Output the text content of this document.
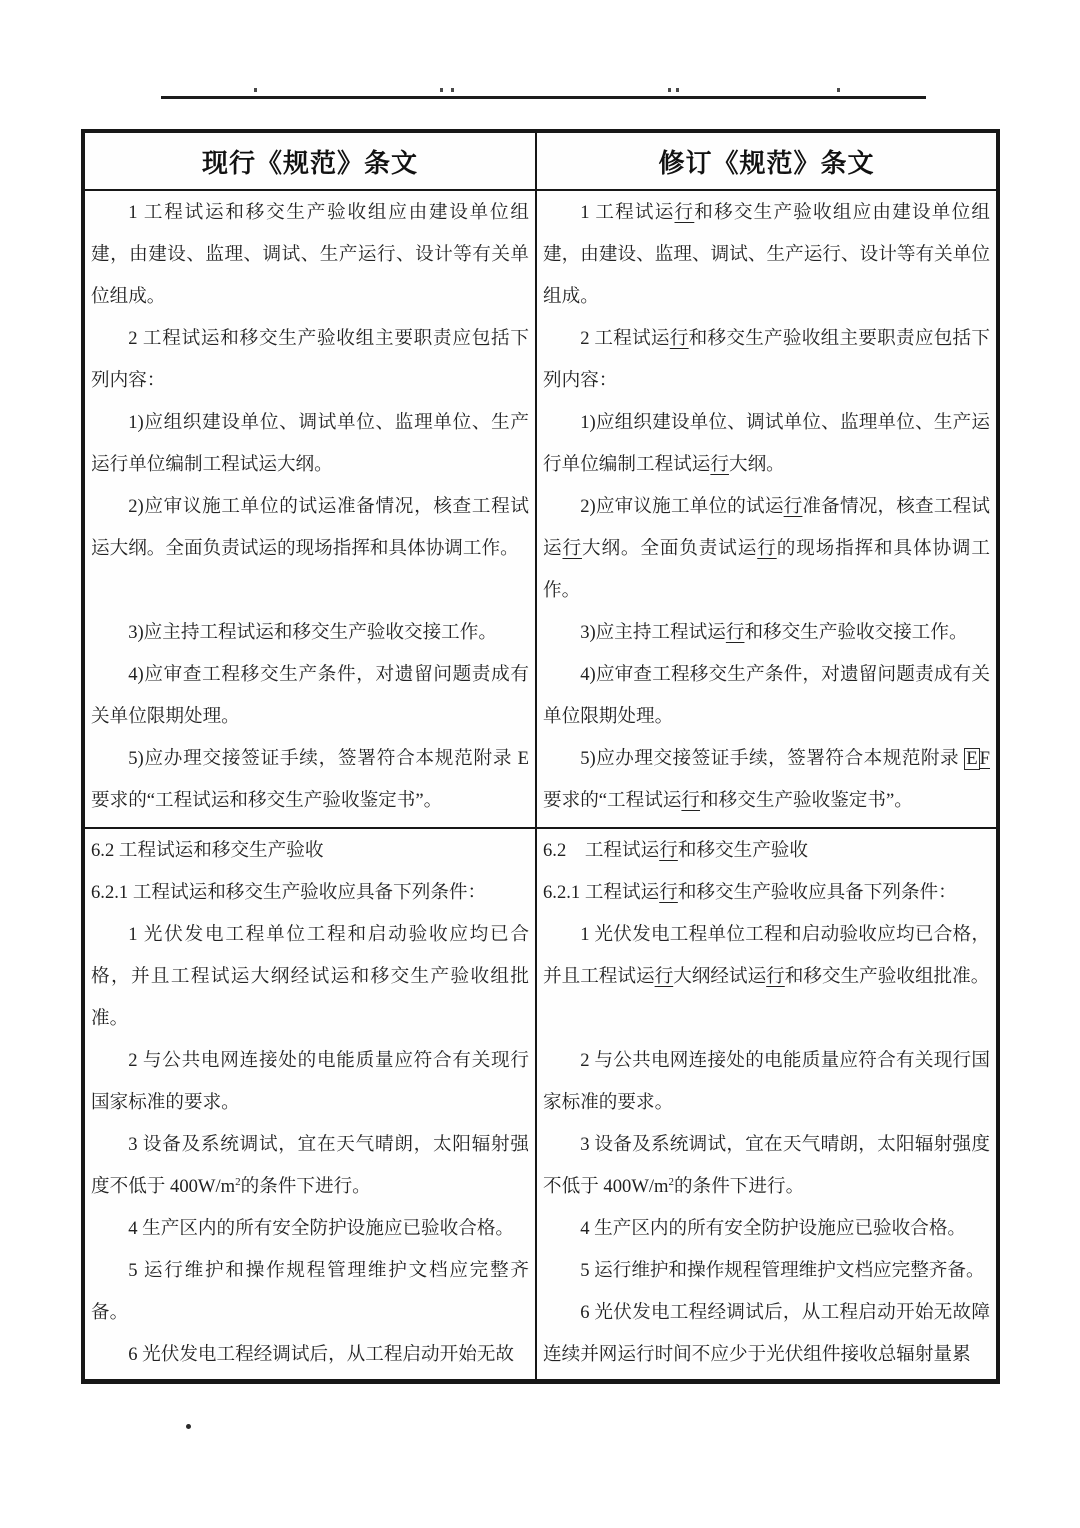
现行《规范》条文	修订《规范》条文

1 工程试运和移交生产验收组应由建设单位组建，由建设、监理、调试、生产运行、设计等有关单位组成。

2 工程试运和移交生产验收组主要职责应包括下列内容：

1)应组织建设单位、调试单位、监理单位、生产运行单位编制工程试运大纲。

2)应审议施工单位的试运准备情况，核查工程试运大纲。全面负责试运的现场指挥和具体协调工作。

3)应主持工程试运和移交生产验收交接工作。

4)应审查工程移交生产条件，对遗留问题责成有关单位限期处理。

5)应办理交接签证手续，签署符合本规范附录 E 要求的“工程试运和移交生产验收鉴定书”。

1 工程试运行和移交生产验收组应由建设单位组建，由建设、监理、调试、生产运行、设计等有关单位组成。

2 工程试运行和移交生产验收组主要职责应包括下列内容：

1)应组织建设单位、调试单位、监理单位、生产运行单位编制工程试运行大纲。

2)应审议施工单位的试运行准备情况，核查工程试运行大纲。全面负责试运行的现场指挥和具体协调工作。

3)应主持工程试运行和移交生产验收交接工作。

4)应审查工程移交生产条件，对遗留问题责成有关单位限期处理。

5)应办理交接签证手续，签署符合本规范附录 E F 要求的“工程试运行和移交生产验收鉴定书”。

6.2 工程试运和移交生产验收

6.2.1 工程试运和移交生产验收应具备下列条件：

1 光伏发电工程单位工程和启动验收应均已合格，并且工程试运大纲经试运和移交生产验收组批准。

2 与公共电网连接处的电能质量应符合有关现行国家标准的要求。

3 设备及系统调试，宜在天气晴朗，太阳辐射强度不低于 $400W/m^2$的条件下进行。

4 生产区内的所有安全防护设施应已验收合格。

5 运行维护和操作规程管理维护文档应完整齐备。

6 光伏发电工程经调试后，从工程启动开始无故

6.2　工程试运行和移交生产验收

6.2.1 工程试运行和移交生产验收应具备下列条件：

1 光伏发电工程单位工程和启动验收应均已合格，并且工程试运行大纲经试运行和移交生产验收组批准。

2 与公共电网连接处的电能质量应符合有关现行国家标准的要求。

3 设备及系统调试，宜在天气晴朗，太阳辐射强度不低于 $400W/m^2$的条件下进行。

4 生产区内的所有安全防护设施应已验收合格。

5 运行维护和操作规程管理维护文档应完整齐备。

6 光伏发电工程经调试后，从工程启动开始无故障连续并网运行时间不应少于光伏组件接收总辐射量累
